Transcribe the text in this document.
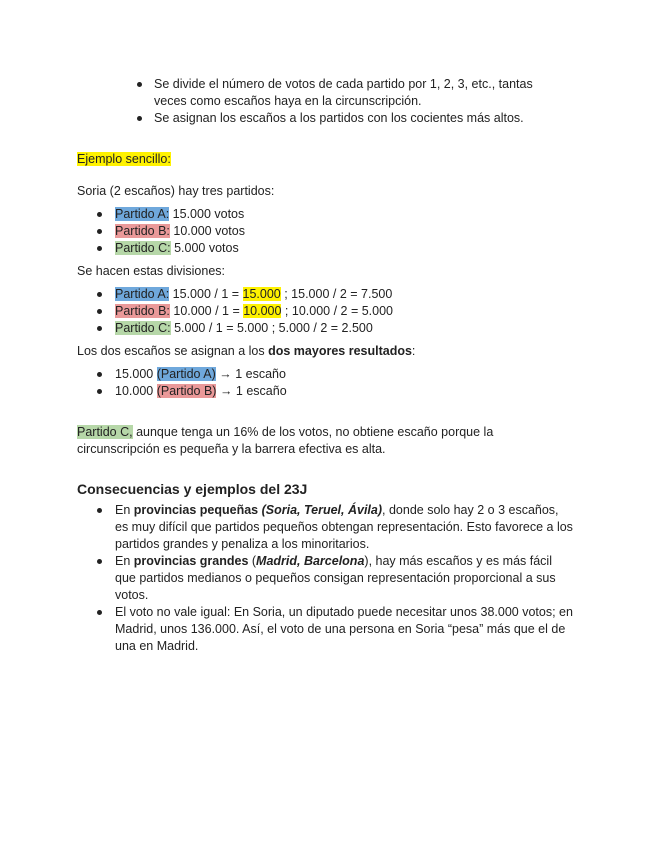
Se divide el número de votos de cada partido por 1, 2, 3, etc., tantas veces como escaños haya en la circunscripción.
Se asignan los escaños a los partidos con los cocientes más altos.

Ejemplo sencillo:

Soria (2 escaños) hay tres partidos:

Partido A: 15.000 votos
Partido B: 10.000 votos
Partido C: 5.000 votos

Se hacen estas divisiones:

Partido A: 15.000 / 1 = 15.000 ; 15.000 / 2 = 7.500
Partido B: 10.000 / 1 = 10.000 ; 10.000 / 2 = 5.000
Partido C: 5.000 / 1 = 5.000 ; 5.000 / 2 = 2.500

Los dos escaños se asignan a los dos mayores resultados:

15.000 (Partido A) → 1 escaño
10.000 (Partido B) → 1 escaño

Partido C, aunque tenga un 16% de los votos, no obtiene escaño porque la circunscripción es pequeña y la barrera efectiva es alta.

Consecuencias y ejemplos del 23J
En provincias pequeñas (Soria, Teruel, Ávila), donde solo hay 2 o 3 escaños, es muy difícil que partidos pequeños obtengan representación. Esto favorece a los partidos grandes y penaliza a los minoritarios.
En provincias grandes (Madrid, Barcelona), hay más escaños y es más fácil que partidos medianos o pequeños consigan representación proporcional a sus votos.
El voto no vale igual: En Soria, un diputado puede necesitar unos 38.000 votos; en Madrid, unos 136.000. Así, el voto de una persona en Soria “pesa” más que el de una en Madrid.
